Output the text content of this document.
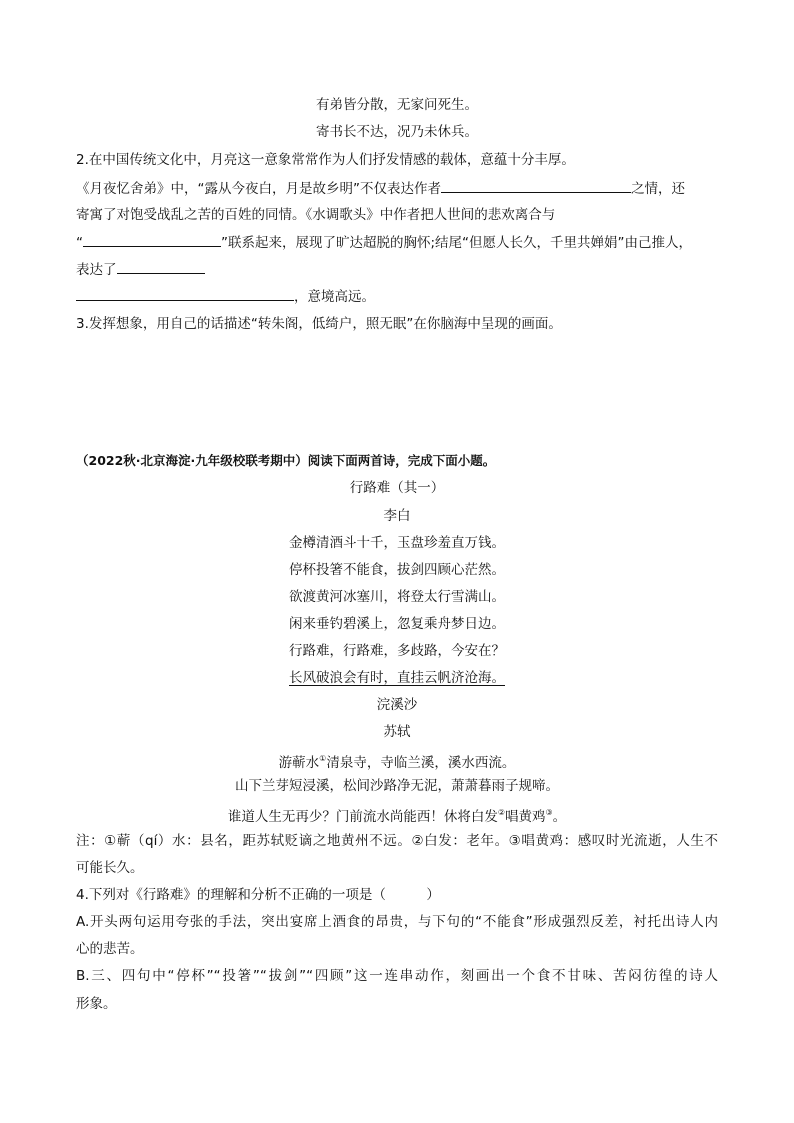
有弟皆分散，无家问死生。
寄书长不达，况乃未休兵。
2.在中国传统文化中，月亮这一意象常常作为人们抒发情感的载体，意蕴十分丰厚。
《月夜忆舍弟》中，“露从今夜白，月是故乡明”不仅表达作者	之情，还
寄寓了对饱受战乱之苦的百姓的同情。《水调歌头》中作者把人世间的悲欢离合与
“	”联系起来，展现了旷达超脱的胸怀;结尾“但愿人长久，千里共婵娟”由己推人，
表达了
，意境高远。
3.发挥想象，用自己的话描述“转朱阁，低绮户，照无眠”在你脑海中呈现的画面。
（2022秋·北京海淀·九年级校联考期中）阅读下面两首诗，完成下面小题。
行路难（其一）
李白
金樽清酒斗十千，玉盘珍羞直万钱。
停杯投箸不能食，拔剑四顾心茫然。
欲渡黄河冰塞川，将登太行雪满山。
闲来垂钓碧溪上，忽复乘舟梦日边。
行路难，行路难，多歧路，今安在？
长风破浪会有时，直挂云帆济沧海。
浣溪沙
苏轼
游蕲水①清泉寺，寺临兰溪，溪水西流。
山下兰芽短浸溪，松间沙路净无泥，萧萧暮雨子规啼。
谁道人生无再少？门前流水尚能西！休将白发②唱黄鸡③。
注：①蕲（qí）水：县名，距苏轼贬谪之地黄州不远。②白发：老年。③唱黄鸡：感叹时光流逝，人生不
可能长久。
4.下列对《行路难》的理解和分析不正确的一项是（　　　）
A.开头两句运用夸张的手法，突出宴席上酒食的昂贵，与下句的“不能食”形成强烈反差，衬托出诗人内
心的悲苦。
B.三、四句中“停杯”“投箸”“拔剑”“四顾”这一连串动作，刻画出一个食不甘味、苦闷彷徨的诗人
形象。
